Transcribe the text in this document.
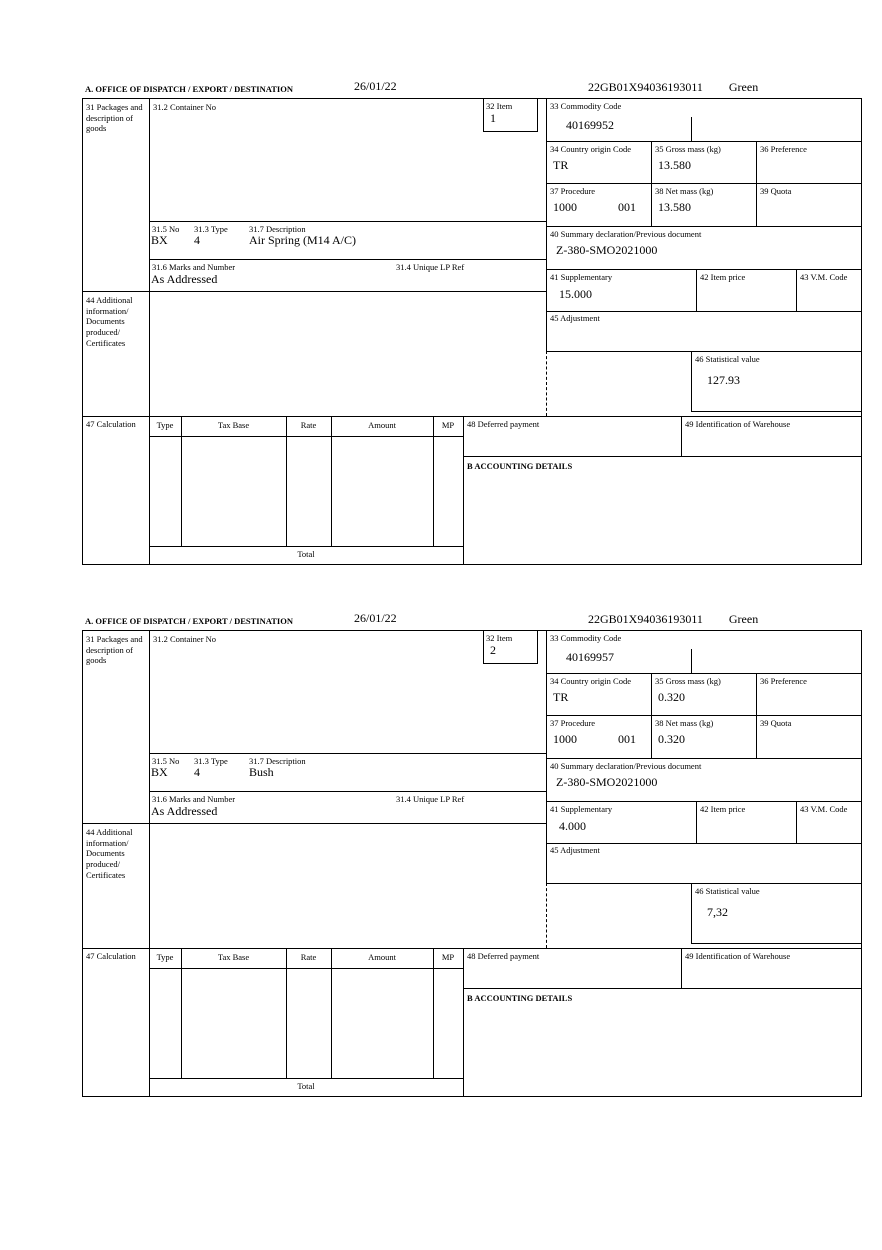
A. OFFICE OF DISPATCH / EXPORT / DESTINATION	26/01/22	22GB01X94036193011 Green
31 Packages and description of goods
31.2 Container No	32 Item
1
33 Commodity Code
40169952
34 Country origin Code
TR
35 Gross mass (kg)
13.580
36 Preference
37 Procedure
1000	001
38 Net mass (kg)
13.580
39 Quota
31.5 No 31.3 Type	31.7 Description
BX 4	Air Spring (M14 A/C)	40 Summary declaration/Previous document
Z-380-SMO2021000
31.6 Marks and Number	31.4 Unique LP Ref
As Addressed	41 Supplementary
15.000
42 Item price	43 V.M. Code
44 Additional information/ Documents produced/ Certificates
45 Adjustment
46 Statistical value
127.93
47 Calculation	Type	Tax Base	Rate	Amount	MP	48 Deferred payment	49 Identification of Warehouse
B ACCOUNTING DETAILS
Total
A. OFFICE OF DISPATCH / EXPORT / DESTINATION	26/01/22	22GB01X94036193011 Green
31 Packages and description of goods
31.2 Container No	32 Item
2
33 Commodity Code
40169957
34 Country origin Code
TR
35 Gross mass (kg)
0.320
36 Preference
37 Procedure
1000	001
38 Net mass (kg)
0.320
39 Quota
31.5 No 31.3 Type	31.7 Description
BX 4	Bush	40 Summary declaration/Previous document
Z-380-SMO2021000
31.6 Marks and Number	31.4 Unique LP Ref
As Addressed	41 Supplementary
4.000
42 Item price	43 V.M. Code
44 Additional information/ Documents produced/ Certificates
45 Adjustment
46 Statistical value
7,32
47 Calculation	Type	Tax Base	Rate	Amount	MP	48 Deferred payment	49 Identification of Warehouse
B ACCOUNTING DETAILS
Total
